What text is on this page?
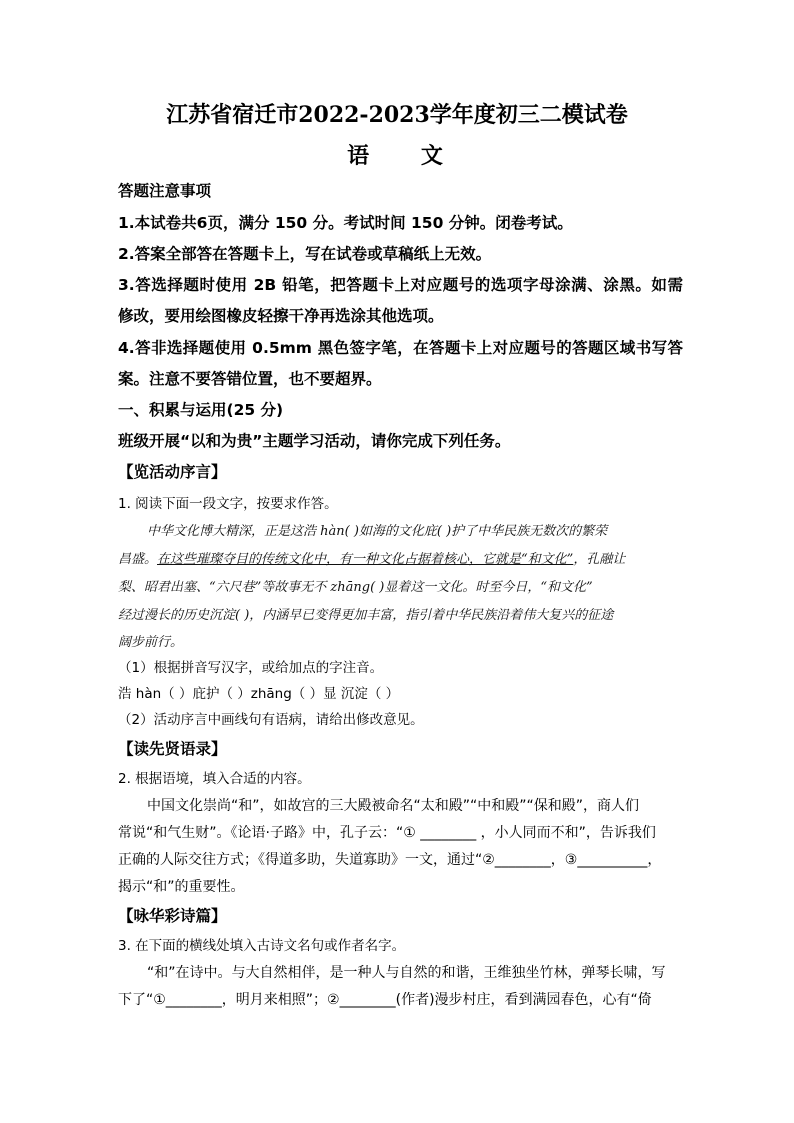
江苏省宿迁市2022-2023学年度初三二模试卷
语 文
答题注意事项
1.本试卷共6页，满分 150 分。考试时间 150 分钟。闭卷考试。
2.答案全部答在答题卡上，写在试卷或草稿纸上无效。
3.答选择题时使用 2B 铅笔，把答题卡上对应题号的选项字母涂满、涂黑。如需
修改，要用绘图橡皮轻擦干净再选涂其他选项。
4.答非选择题使用 0.5mm 黑色签字笔，在答题卡上对应题号的答题区域书写答
案。注意不要答错位置，也不要超界。
一、积累与运用(25 分)
班级开展“以和为贵”主题学习活动，请你完成下列任务。
【览活动序言】
1. 阅读下面一段文字，按要求作答。
中华文化博大精深，正是这浩 hàn( )如海的文化庇( )护了中华民族无数次的繁荣
昌盛。在这些璀璨夺目的传统文化中，有一种文化占据着核心，它就是“和文化”，孔融让
梨、昭君出塞、“六尺巷”等故事无不 zhāng( )显着这一文化。时至今日，“和文化”
经过漫长的历史沉淀( )，内涵早已变得更加丰富，指引着中华民族沿着伟大复兴的征途
阔步前行。
（1）根据拼音写汉字，或给加点的字注音。
浩 hàn（ ）庇护（ ）zhāng（ ）显 沉淀（ ）
（2）活动序言中画线句有语病，请给出修改意见。
【读先贤语录】
2. 根据语境，填入合适的内容。
中国文化崇尚“和”，如故宫的三大殿被命名“太和殿”“中和殿”“保和殿”，商人们
常说“和气生财”。《论语·子路》中，孔子云：“① ________ ，小人同而不和”，告诉我们
正确的人际交往方式；《得道多助，失道寡助》一文，通过“②________，③__________，
揭示“和”的重要性。
【咏华彩诗篇】
3. 在下面的横线处填入古诗文名句或作者名字。
“和”在诗中。与大自然相伴，是一种人与自然的和谐，王维独坐竹林，弹琴长啸，写
下了“①________，明月来相照”；②________(作者)漫步村庄，看到满园春色，心有“倚
